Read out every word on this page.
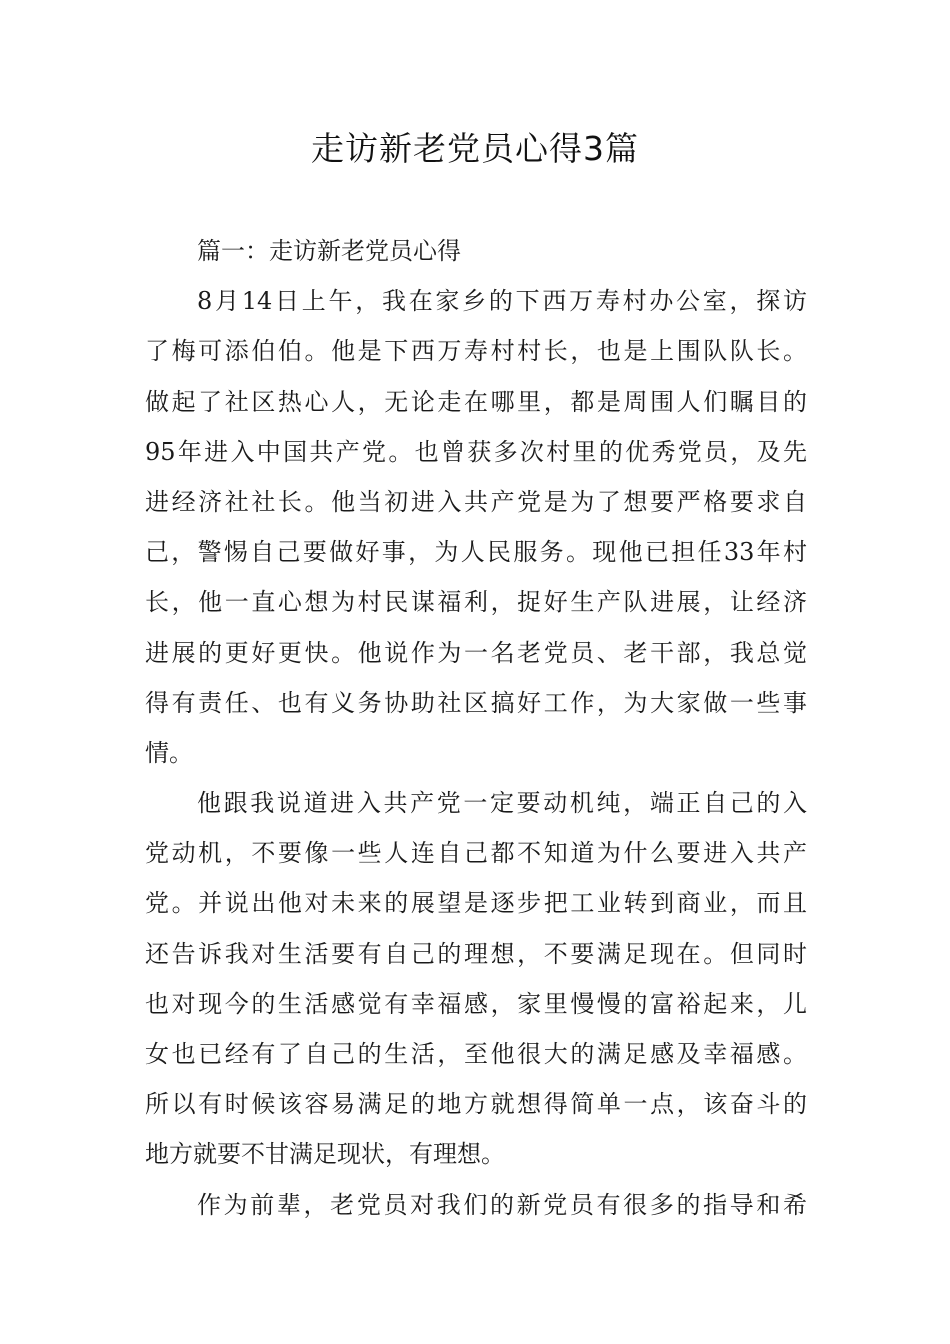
走访新老党员心得3篇
篇一：走访新老党员心得
8月14日上午，我在家乡的下西万寿村办公室，探访
了梅可添伯伯。他是下西万寿村村长，也是上围队队长。
做起了社区热心人，无论走在哪里，都是周围人们瞩目的
95年进入中国共产党。也曾获多次村里的优秀党员，及先
进经济社社长。他当初进入共产党是为了想要严格要求自
己，警惕自己要做好事，为人民服务。现他已担任33年村
长，他一直心想为村民谋福利，捉好生产队进展，让经济
进展的更好更快。他说作为一名老党员、老干部，我总觉
得有责任、也有义务协助社区搞好工作，为大家做一些事
情。
他跟我说道进入共产党一定要动机纯，端正自己的入
党动机，不要像一些人连自己都不知道为什么要进入共产
党。并说出他对未来的展望是逐步把工业转到商业，而且
还告诉我对生活要有自己的理想，不要满足现在。但同时
也对现今的生活感觉有幸福感，家里慢慢的富裕起来，儿
女也已经有了自己的生活，至他很大的满足感及幸福感。
所以有时候该容易满足的地方就想得简单一点，该奋斗的
地方就要不甘满足现状，有理想。
作为前辈，老党员对我们的新党员有很多的指导和希
